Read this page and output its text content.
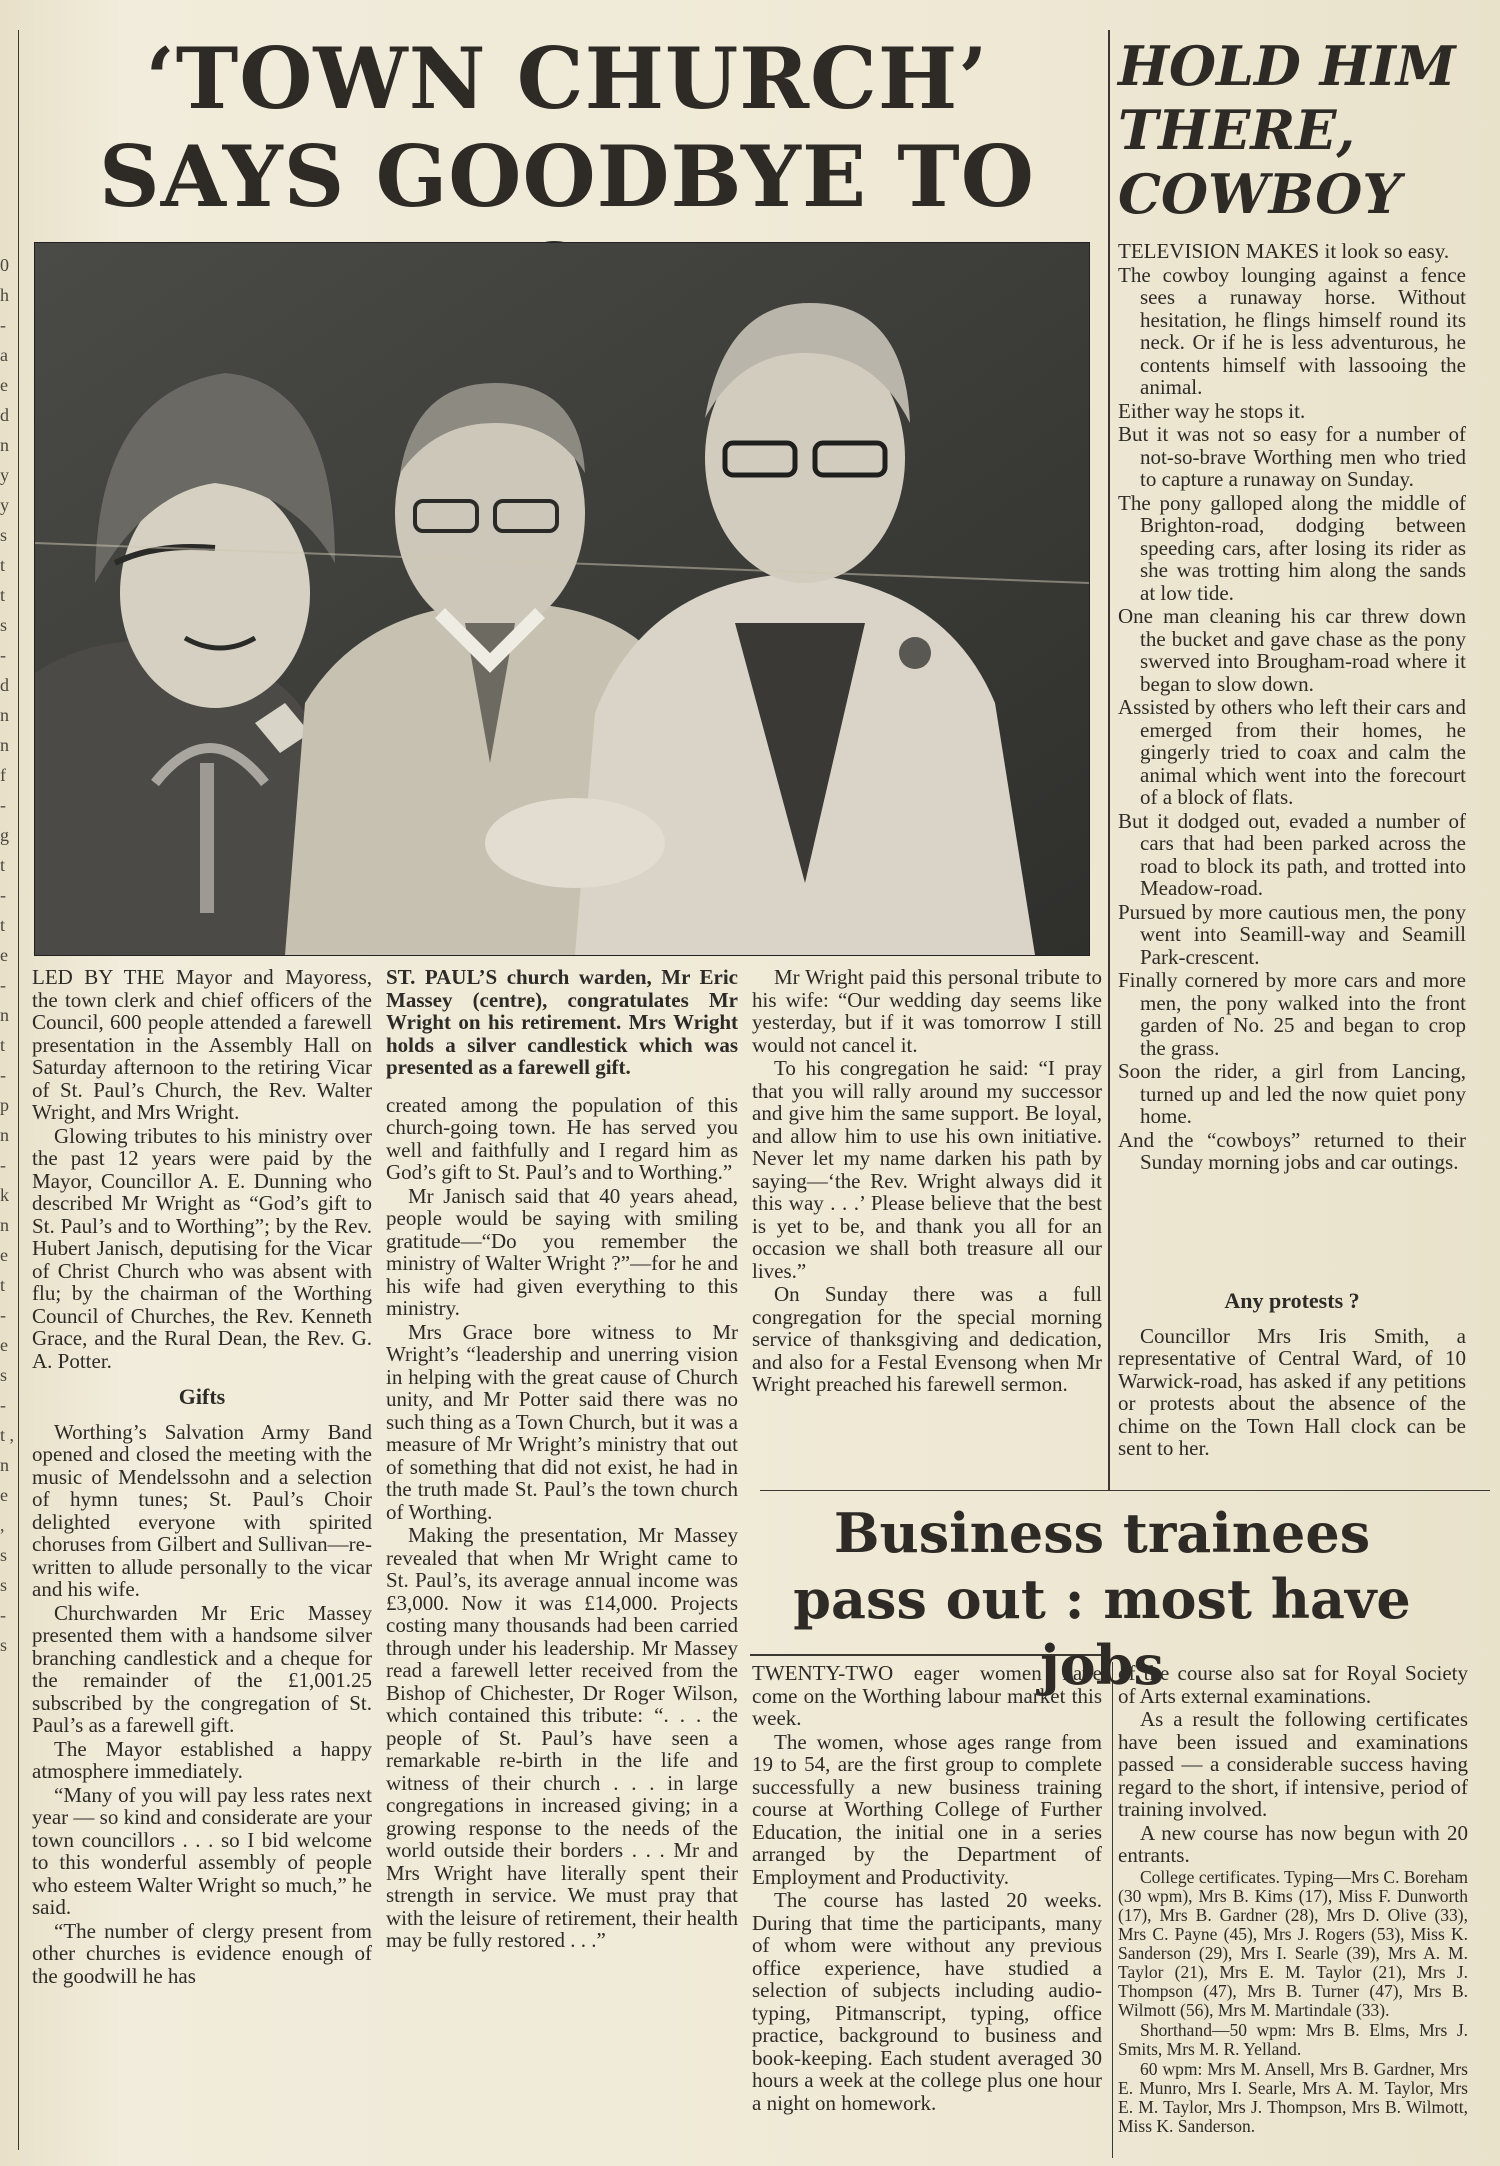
0 h - a e d n y y s t t s - d n n f - g t - t e - n t - p n - k n e t - e s - t , n e , s s - s
‘TOWN CHURCH’ SAYS GOODBYE TO
HOLD HIM THERE, COWBOY

LED BY THE Mayor and Mayoress, the town clerk and chief officers of the Council, 600 people attended a farewell presentation in the Assembly Hall on Saturday afternoon to the retiring Vicar of St. Paul’s Church, the Rev. Walter Wright, and Mrs Wright.

Glowing tributes to his ministry over the past 12 years were paid by the Mayor, Councillor A. E. Dunning who described Mr Wright as “God’s gift to St. Paul’s and to Worthing”; by the Rev. Hubert Janisch, deputising for the Vicar of Christ Church who was absent with flu; by the chairman of the Worthing Council of Churches, the Rev. Kenneth Grace, and the Rural Dean, the Rev. G. A. Potter.

Gifts

Worthing’s Salvation Army Band opened and closed the meeting with the music of Mendelssohn and a selection of hymn tunes; St. Paul’s Choir delighted everyone with spirited choruses from Gilbert and Sullivan—re-written to allude personally to the vicar and his wife.

Churchwarden Mr Eric Massey presented them with a handsome silver branching candlestick and a cheque for the remainder of the £1,001.25 subscribed by the congregation of St. Paul’s as a farewell gift.

The Mayor established a happy atmosphere immediately.

“Many of you will pay less rates next year — so kind and considerate are your town councillors . . . so I bid welcome to this wonderful assembly of people who esteem Walter Wright so much,” he said.

“The number of clergy present from other churches is evidence enough of the goodwill he has

ST. PAUL’S church warden, Mr Eric Massey (centre), congratulates Mr Wright on his retirement. Mrs Wright holds a silver candlestick which was presented as a farewell gift.

created among the population of this church-going town. He has served you well and faithfully and I regard him as God’s gift to St. Paul’s and to Worthing.”

Mr Janisch said that 40 years ahead, people would be saying with smiling gratitude—“Do you remember the ministry of Walter Wright ?”—for he and his wife had given everything to this ministry.

Mrs Grace bore witness to Mr Wright’s “leadership and unerring vision in helping with the great cause of Church unity, and Mr Potter said there was no such thing as a Town Church, but it was a measure of Mr Wright’s ministry that out of something that did not exist, he had in the truth made St. Paul’s the town church of Worthing.

Making the presentation, Mr Massey revealed that when Mr Wright came to St. Paul’s, its average annual income was £3,000. Now it was £14,000. Projects costing many thousands had been carried through under his leadership. Mr Massey read a farewell letter received from the Bishop of Chichester, Dr Roger Wilson, which contained this tribute: “. . . the people of St. Paul’s have seen a remarkable re-birth in the life and witness of their church . . . in large congregations in increased giving; in a growing response to the needs of the world outside their borders . . . Mr and Mrs Wright have literally spent their strength in service. We must pray that with the leisure of retirement, their health may be fully restored . . .”

Mr Wright paid this personal tribute to his wife: “Our wedding day seems like yesterday, but if it was tomorrow I still would not cancel it.

To his congregation he said: “I pray that you will rally around my successor and give him the same support. Be loyal, and allow him to use his own initiative. Never let my name darken his path by saying—‘the Rev. Wright always did it this way . . .’ Please believe that the best is yet to be, and thank you all for an occasion we shall both treasure all our lives.”

On Sunday there was a full congregation for the special morning service of thanksgiving and dedication, and also for a Festal Evensong when Mr Wright preached his farewell sermon.

TELEVISION MAKES it look so easy.

The cowboy lounging against a fence sees a runaway horse. Without hesitation, he flings himself round its neck. Or if he is less adventurous, he contents himself with lassooing the animal.

Either way he stops it.

But it was not so easy for a number of not-so-brave Worthing men who tried to capture a runaway on Sunday.

The pony galloped along the middle of Brighton-road, dodging between speeding cars, after losing its rider as she was trotting him along the sands at low tide.

One man cleaning his car threw down the bucket and gave chase as the pony swerved into Brougham-road where it began to slow down.

Assisted by others who left their cars and emerged from their homes, he gingerly tried to coax and calm the animal which went into the forecourt of a block of flats.

But it dodged out, evaded a number of cars that had been parked across the road to block its path, and trotted into Meadow-road.

Pursued by more cautious men, the pony went into Seamill-way and Seamill Park-crescent.

Finally cornered by more cars and more men, the pony walked into the front garden of No. 25 and began to crop the grass.

Soon the rider, a girl from Lancing, turned up and led the now quiet pony home.

And the “cowboys” returned to their Sunday morning jobs and car outings.

Any protests ?

Councillor Mrs Iris Smith, a representative of Central Ward, of 10 Warwick-road, has asked if any petitions or protests about the absence of the chime on the Town Hall clock can be sent to her.

Business trainees pass out : most have jobs

TWENTY-TWO eager women have come on the Worthing labour market this week.

The women, whose ages range from 19 to 54, are the first group to complete successfully a new business training course at Worthing College of Further Education, the initial one in a series arranged by the Department of Employment and Productivity.

The course has lasted 20 weeks. During that time the participants, many of whom were without any previous office experience, have studied a selection of subjects including audio-typing, Pitmanscript, typing, office practice, background to business and book-keeping. Each student averaged 30 hours a week at the college plus one hour a night on homework.

of the course also sat for Royal Society of Arts external examinations.

As a result the following certificates have been issued and examinations passed — a considerable success having regard to the short, if intensive, period of training involved.

A new course has now begun with 20 entrants.

College certificates. Typing—Mrs C. Boreham (30 wpm), Mrs B. Kims (17), Miss F. Dunworth (17), Mrs B. Gardner (28), Mrs D. Olive (33), Mrs C. Payne (45), Mrs J. Rogers (53), Miss K. Sanderson (29), Mrs I. Searle (39), Mrs A. M. Taylor (21), Mrs E. M. Taylor (21), Mrs J. Thompson (47), Mrs B. Turner (47), Mrs B. Wilmott (56), Mrs M. Martindale (33).

Shorthand—50 wpm: Mrs B. Elms, Mrs J. Smits, Mrs M. R. Yelland.

60 wpm: Mrs M. Ansell, Mrs B. Gardner, Mrs E. Munro, Mrs I. Searle, Mrs A. M. Taylor, Mrs E. M. Taylor, Mrs J. Thompson, Mrs B. Wilmott, Miss K. Sanderson.
